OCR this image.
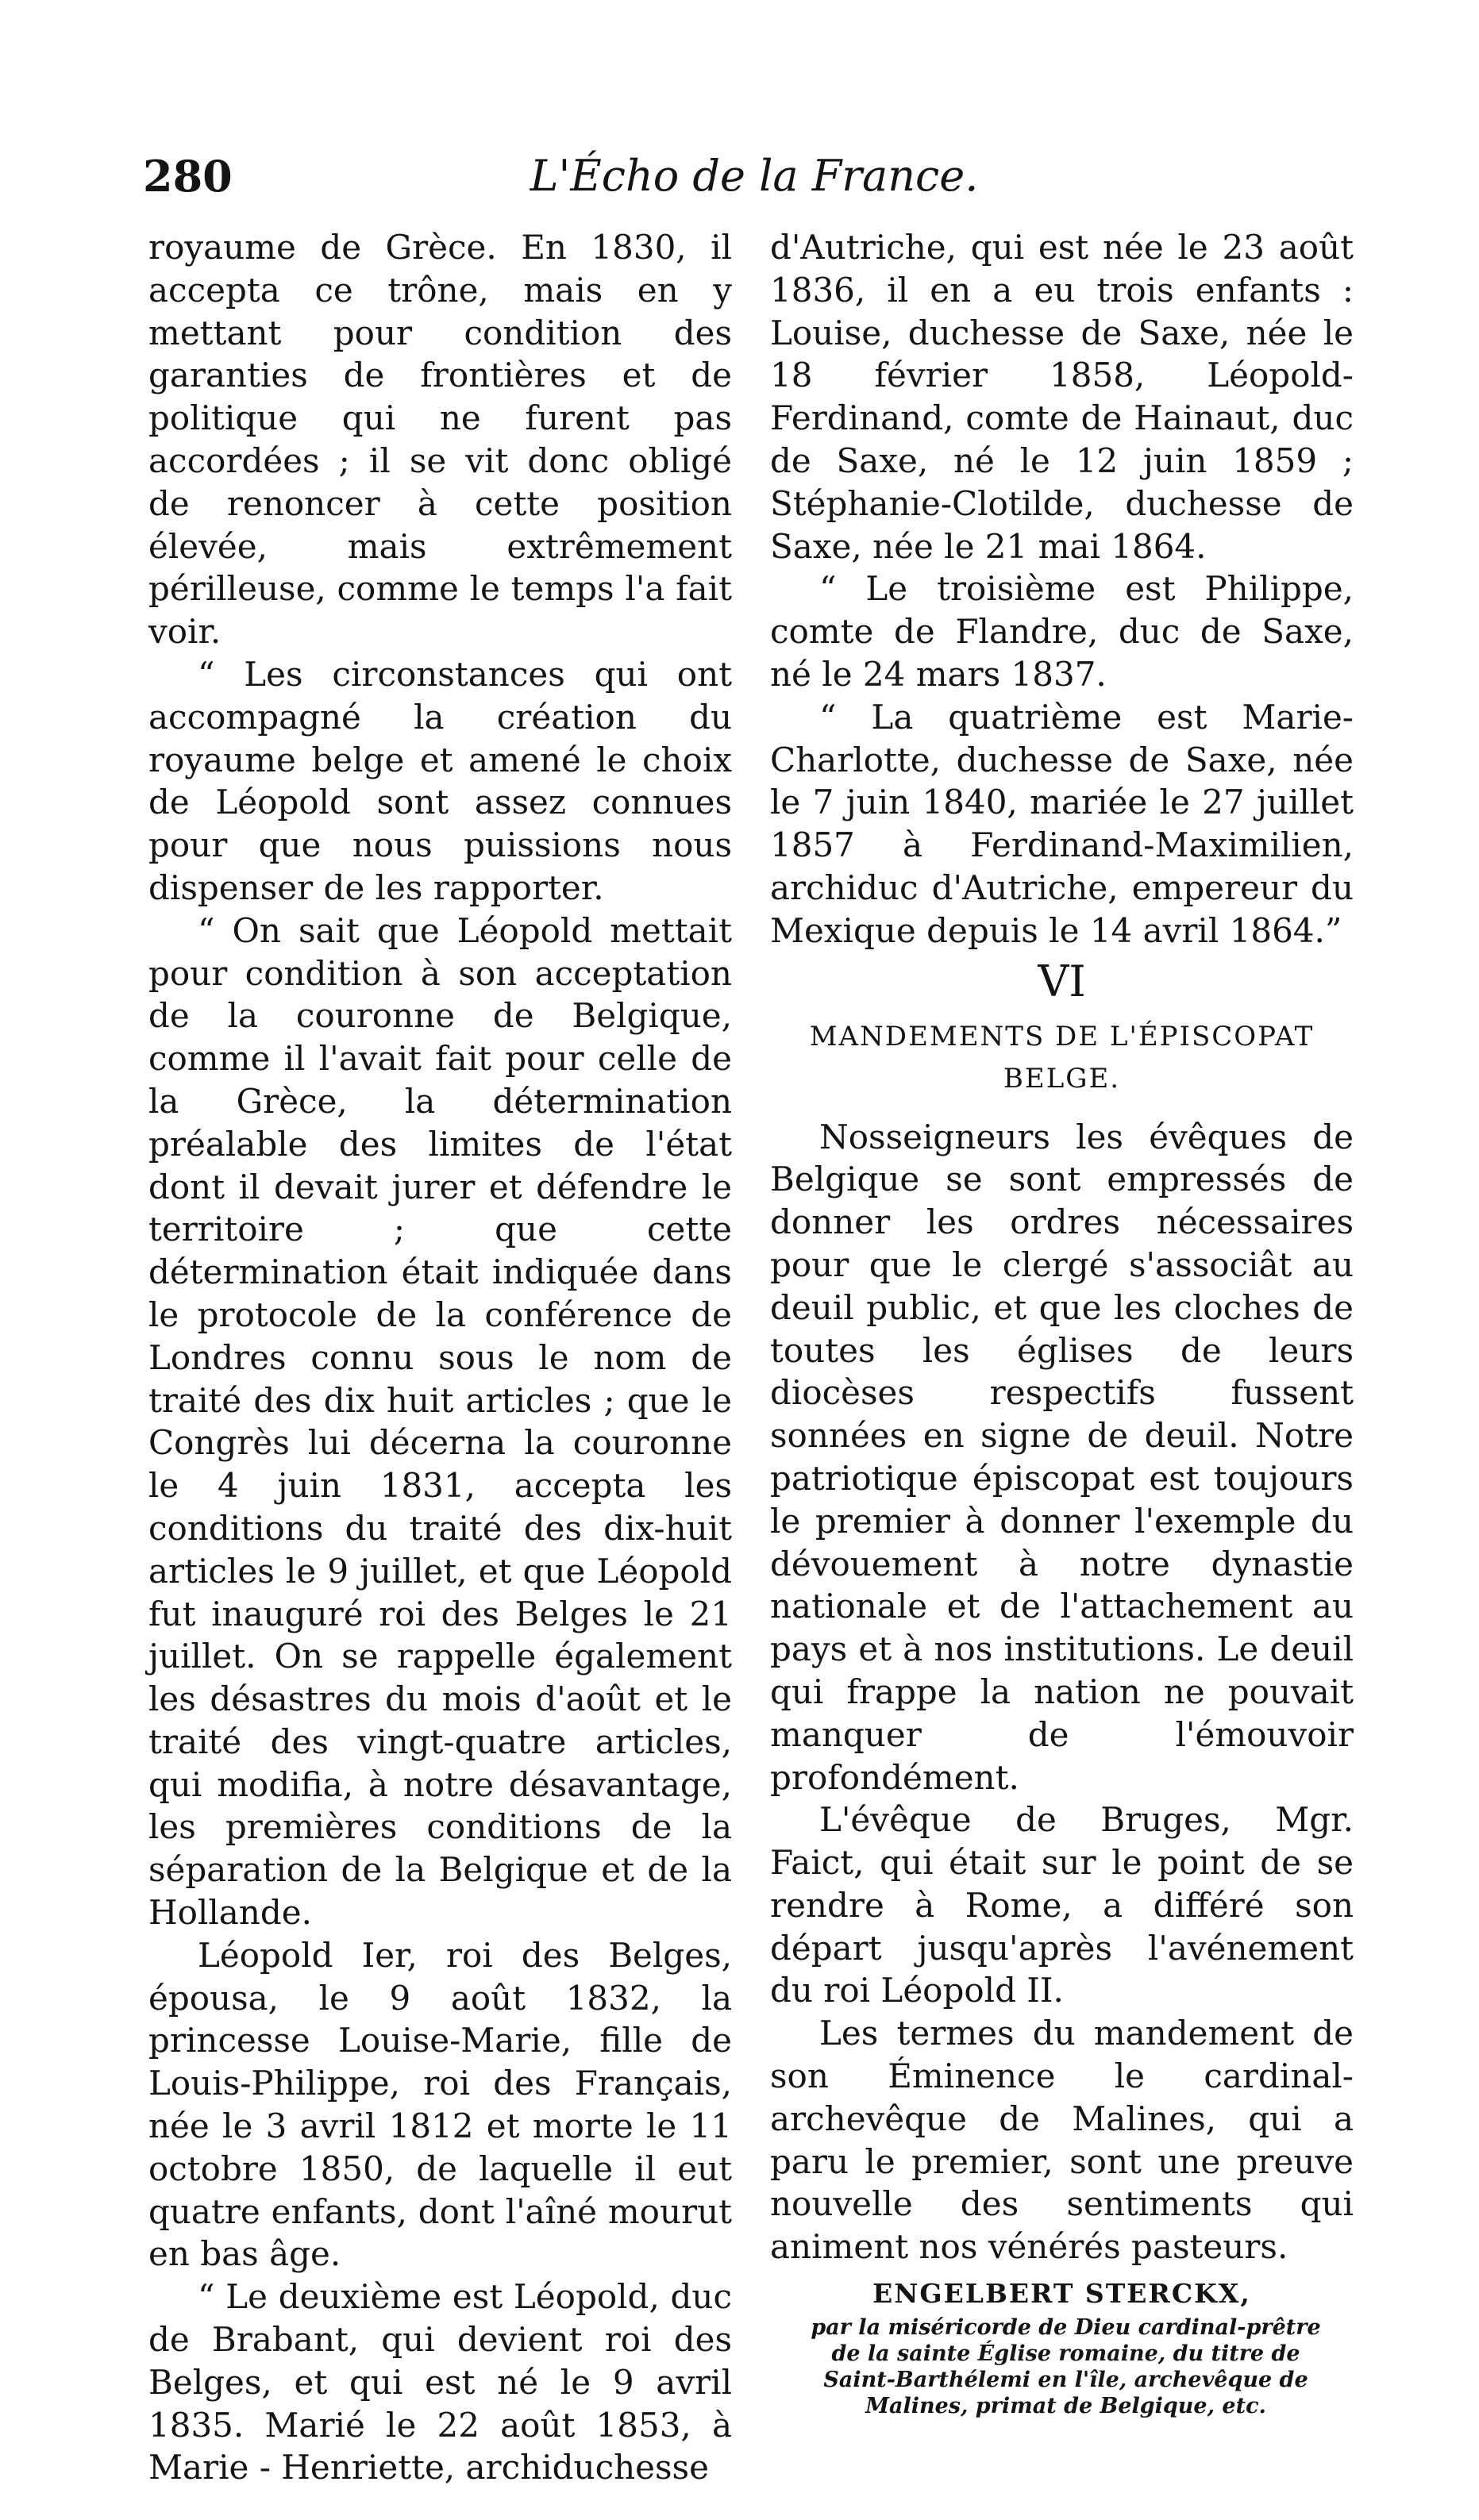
280	L'Écho de la France.

royaume de Grèce. En 1830, il accepta ce trône, mais en y mettant pour condition des garanties de frontières et de politique qui ne furent pas accordées ; il se vit donc obligé de renoncer à cette position élevée, mais extrêmement périlleuse, comme le temps l'a fait voir.

“ Les circonstances qui ont accompagné la création du royaume belge et amené le choix de Léopold sont assez connues pour que nous puissions nous dispenser de les rapporter.

“ On sait que Léopold mettait pour condition à son acceptation de la couronne de Belgique, comme il l'avait fait pour celle de la Grèce, la détermination préalable des limites de l'état dont il devait jurer et défendre le territoire ; que cette détermination était indiquée dans le protocole de la conférence de Londres connu sous le nom de traité des dix huit articles ; que le Congrès lui décerna la couronne le 4 juin 1831, accepta les conditions du traité des dix-huit articles le 9 juillet, et que Léopold fut inauguré roi des Belges le 21 juillet. On se rappelle également les désastres du mois d'août et le traité des vingt-quatre articles, qui modifia, à notre désavantage, les premières conditions de la séparation de la Belgique et de la Hollande.

Léopold Ier, roi des Belges, épousa, le 9 août 1832, la princesse Louise-Marie, fille de Louis-Philippe, roi des Français, née le 3 avril 1812 et morte le 11 octobre 1850, de laquelle il eut quatre enfants, dont l'aîné mourut en bas âge.

“ Le deuxième est Léopold, duc de Brabant, qui devient roi des Belges, et qui est né le 9 avril 1835. Marié le 22 août 1853, à Marie - Henriette, archiduchesse

d'Autriche, qui est née le 23 août 1836, il en a eu trois enfants : Louise, duchesse de Saxe, née le 18 février 1858, Léopold-Ferdinand, comte de Hainaut, duc de Saxe, né le 12 juin 1859 ; Stéphanie-Clotilde, duchesse de Saxe, née le 21 mai 1864.

“ Le troisième est Philippe, comte de Flandre, duc de Saxe, né le 24 mars 1837.

“ La quatrième est Marie-Charlotte, duchesse de Saxe, née le 7 juin 1840, mariée le 27 juillet 1857 à Ferdinand-Maximilien, archiduc d'Autriche, empereur du Mexique depuis le 14 avril 1864.”

VI
MANDEMENTS DE L'ÉPISCOPAT BELGE.

Nosseigneurs les évêques de Belgique se sont empressés de donner les ordres nécessaires pour que le clergé s'associât au deuil public, et que les cloches de toutes les églises de leurs diocèses respectifs fussent sonnées en signe de deuil. Notre patriotique épiscopat est toujours le premier à donner l'exemple du dévouement à notre dynastie nationale et de l'attachement au pays et à nos institutions. Le deuil qui frappe la nation ne pouvait manquer de l'émouvoir profondément.

L'évêque de Bruges, Mgr. Faict, qui était sur le point de se rendre à Rome, a différé son départ jusqu'après l'avénement du roi Léopold II.

Les termes du mandement de son Éminence le cardinal-archevêque de Malines, qui a paru le premier, sont une preuve nouvelle des sentiments qui animent nos vénérés pasteurs.

ENGELBERT STERCKX,
par la miséricorde de Dieu cardinal-prêtre de la sainte Église romaine, du titre de Saint-Barthélemi en l'île, archevêque de Malines, primat de Belgique, etc.
